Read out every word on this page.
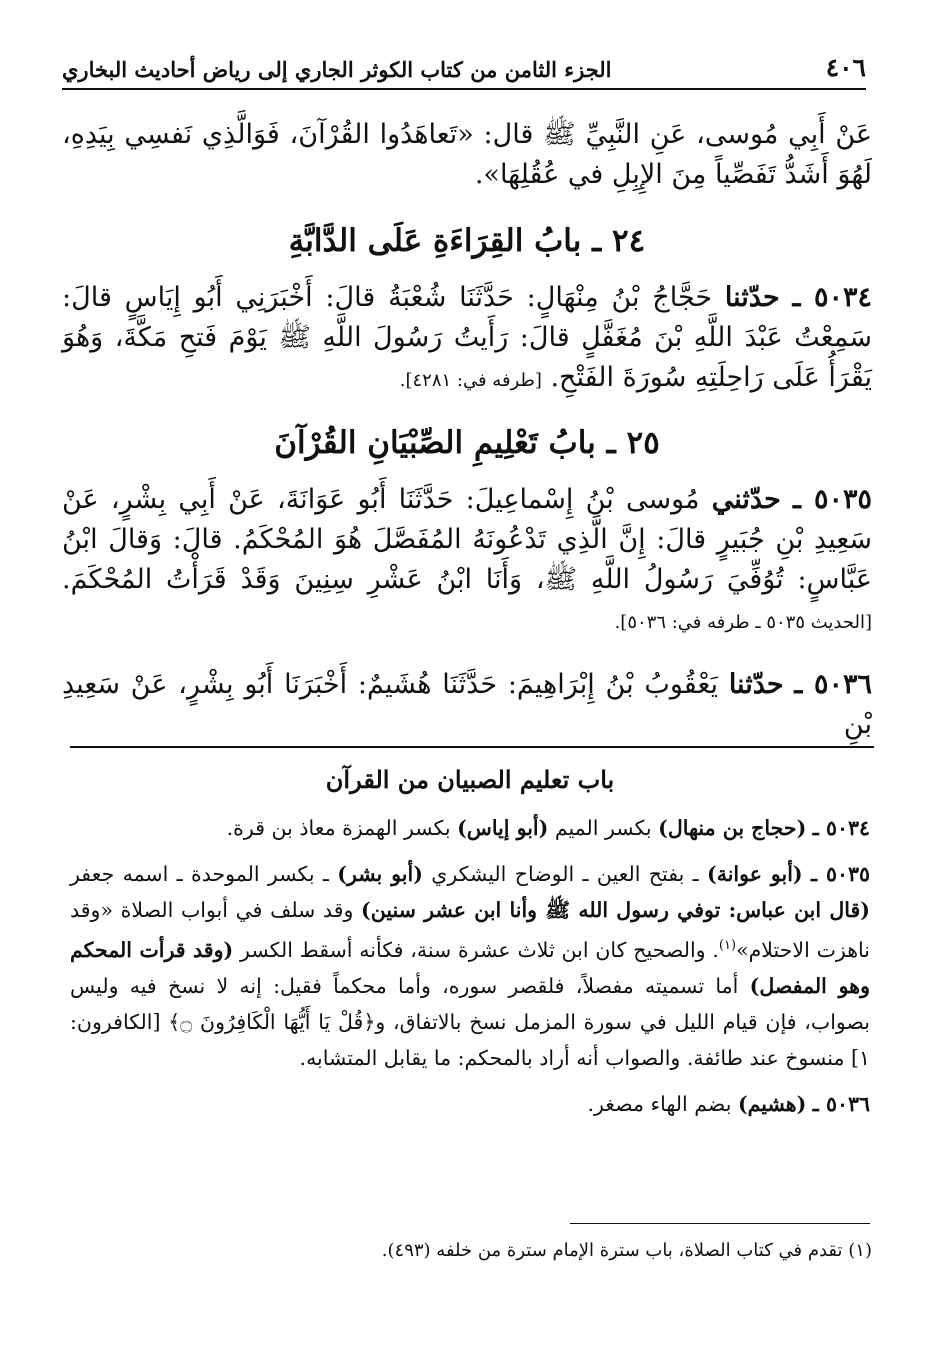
٤٠٦
الجزء الثامن من كتاب الكوثر الجاري إلى رياض أحاديث البخاري

عَنْ أَبِي مُوسى، عَنِ النَّبِيِّ ﷺ قال: «تَعاهَدُوا القُرْآنَ، فَوَالَّذِي نَفسِي بِيَدِهِ، لَهُوَ أَشَدُّ تَفَصِّياً مِنَ الإِبِلِ في عُقُلِهَا».

٢٤ ـ بابُ القِرَاءَةِ عَلَى الدَّابَّةِ

٥٠٣٤ ـ حدّثنا حَجَّاجُ بْنُ مِنْهَالٍ: حَدَّثَنَا شُعْبَةُ قالَ: أَخْبَرَنِي أَبُو إِيَاسٍ قالَ: سَمِعْتُ عَبْدَ اللَّهِ بْنَ مُغَفَّلٍ قالَ: رَأَيتُ رَسُولَ اللَّهِ ﷺ يَوْمَ فَتحِ مَكَّةَ، وَهُوَ يَقْرَأُ عَلَى رَاحِلَتِهِ سُورَةَ الفَتْحِ. [طرفه في: ٤٢٨١].

٢٥ ـ بابُ تَعْلِيمِ الصِّبْيَانِ القُرْآنَ

٥٠٣٥ ـ حدّثني مُوسى بْنُ إِسْماعِيلَ: حَدَّثَنَا أَبُو عَوَانَةَ، عَنْ أَبِي بِشْرٍ، عَنْ سَعِيدِ بْنِ جُبَيرٍ قالَ: إِنَّ الَّذِي تَدْعُونَهُ المُفَصَّلَ هُوَ المُحْكَمُ. قالَ: وَقالَ ابْنُ عَبَّاسٍ: تُوُفِّيَ رَسُولُ اللَّهِ ﷺ، وَأَنَا ابْنُ عَشْرِ سِنِينَ وَقَدْ قَرَأْتُ المُحْكَمَ. [الحديث ٥٠٣٥ ـ طرفه في: ٥٠٣٦].

٥٠٣٦ ـ حدّثنا يَعْقُوبُ بْنُ إِبْرَاهِيمَ: حَدَّثَنَا هُشَيمٌ: أَخْبَرَنَا أَبُو بِشْرٍ، عَنْ سَعِيدِ بْنِ

باب تعليم الصبيان من القرآن

٥٠٣٤ ـ (حجاج بن منهال) بكسر الميم (أبو إياس) بكسر الهمزة معاذ بن قرة.

٥٠٣٥ ـ (أبو عوانة) ـ بفتح العين ـ الوضاح اليشكري (أبو بشر) ـ بكسر الموحدة ـ اسمه جعفر (قال ابن عباس: توفي رسول الله ﷺ وأنا ابن عشر سنين) وقد سلف في أبواب الصلاة «وقد ناهزت الاحتلام»$^{(١)}$. والصحيح كان ابن ثلاث عشرة سنة، فكأنه أسقط الكسر (وقد قرأت المحكم وهو المفصل) أما تسميته مفصلاً، فلقصر سوره، وأما محكماً فقيل: إنه لا نسخ فيه وليس بصواب، فإن قيام الليل في سورة المزمل نسخ بالاتفاق، و﴿قُلْ يَا أَيُّهَا الْكَافِرُونَ ۝﴾ [الكافرون: ١] منسوخ عند طائفة. والصواب أنه أراد بالمحكم: ما يقابل المتشابه.

٥٠٣٦ ـ (هشيم) بضم الهاء مصغر.

(١) تقدم في كتاب الصلاة، باب سترة الإمام سترة من خلفه (٤٩٣).
